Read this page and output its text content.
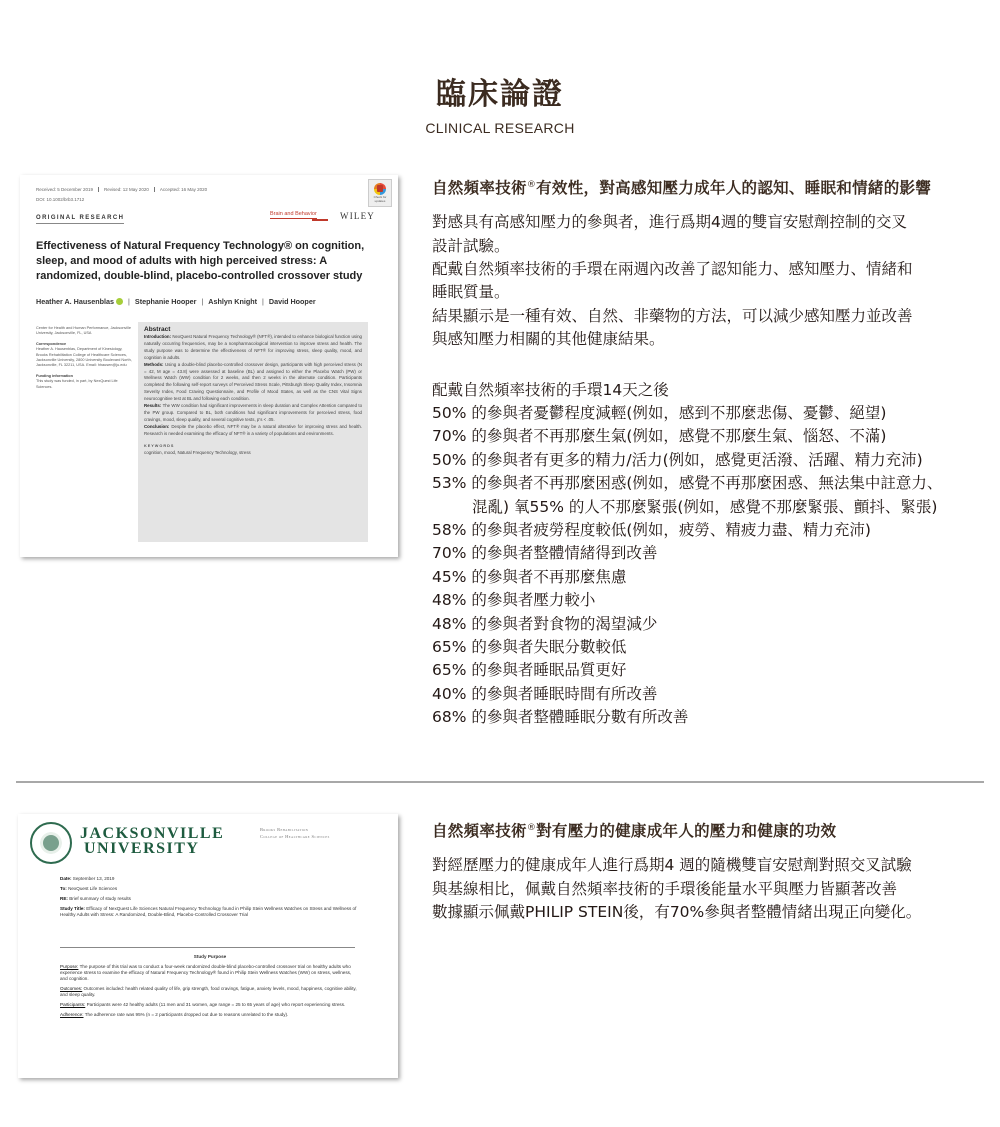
臨床論證
CLINICAL RESEARCH
Received: 5 December 2019 Revised: 12 May 2020 Accepted: 16 May 2020
DOI: 10.1002/brb3.1712
ORIGINAL RESEARCH
Brain and Behavior	WILEY
Check for updates
Effectiveness of Natural Frequency Technology® on cognition, sleep, and mood of adults with high perceived stress: A randomized, double-blind, placebo-controlled crossover study
Heather A. Hausenblas | Stephanie Hooper | Ashlyn Knight | David Hooper
Center for Health and Human Performance, Jacksonville University, Jacksonville, FL, USA
Correspondence
Heather A. Hausenblas, Department of Kinesiology, Brooks Rehabilitation College of Healthcare Sciences, Jacksonville University, 2800 University Boulevard North, Jacksonville, FL 32211, USA. Email: hhausen@ju.edu
Funding information
This study was funded, in part, by NexQuest Life Sciences.
Abstract
Introduction: NexQuest Natural Frequency Technology® (NFT®), intended to enhance biological function using naturally occurring frequencies, may be a nonpharmacological intervention to improve stress and health. The study purpose was to determine the effectiveness of NFT® for improving stress, sleep quality, mood, and cognition in adults.
Methods: Using a double-blind placebo-controlled crossover design, participants with high perceived stress (N = 42, M age = 43.8) were assessed at baseline (BL) and assigned to either the Placebo Watch (PW) or Wellness Watch (WW) condition for 2 weeks, and then 2 weeks in the alternate condition. Participants completed the following self-report surveys of Perceived Stress Scale, Pittsburgh Sleep Quality Index, Insomnia Severity Index, Food Craving Questionnaire, and Profile of Mood States, as well as the CNS Vital Signs neurocognitive test at BL and following each condition.
Results: The WW condition had significant improvements in sleep duration and Complex Attention compared to the PW group. Compared to BL, both conditions had significant improvements for perceived stress, food cravings, mood, sleep quality, and several cognitive tests, p's < .05.
Conclusion: Despite the placebo effect, NFT® may be a natural alterative for improving stress and health. Research is needed examining the efficacy of NFT® in a variety of populations and environments.
KEYWORDS
cognition, mood, Natural Frequency Technology, stress
自然頻率技術®有效性，對高感知壓力成年人的認知、睡眠和情緒的影響
對感具有高感知壓力的參與者，進行爲期4週的雙盲安慰劑控制的交叉
設計試驗。
配戴自然頻率技術的手環在兩週內改善了認知能力、感知壓力、情緒和
睡眠質量。
結果顯示是一種有效、自然、非藥物的方法，可以減少感知壓力並改善
與感知壓力相關的其他健康結果。
配戴自然頻率技術的手環14天之後
50% 的參與者憂鬱程度減輕(例如，感到不那麼悲傷、憂鬱、絕望)
70% 的參與者不再那麼生氣(例如，感覺不那麼生氣、惱怒、不滿)
50% 的參與者有更多的精力/活力(例如，感覺更活潑、活躍、精力充沛)
53% 的參與者不再那麼困惑(例如，感覺不再那麼困惑、無法集中註意力、
混亂) 氧55% 的人不那麼緊張(例如，感覺不那麼緊張、顫抖、緊張)
58% 的參與者疲勞程度較低(例如，疲勞、精疲力盡、精力充沛)
70% 的參與者整體情緒得到改善
45% 的參與者不再那麼焦慮
48% 的參與者壓力較小
48% 的參與者對食物的渴望減少
65% 的參與者失眠分數較低
65% 的參與者睡眠品質更好
40% 的參與者睡眠時間有所改善
68% 的參與者整體睡眠分數有所改善
JACKSONVILLE
UNIVERSITY
Brooks Rehabilitation
College of Healthcare Sciences

Date: September 13, 2019

To: NexQuest Life Sciences

RE: Brief summary of study results

Study Title: Efficacy of NexQuest Life Sciences Natural Frequency Technology found in Philip Stein Wellness Watches on Stress and Wellness of Healthy Adults with Stress: A Randomized, Double-Blind, Placebo-Controlled Crossover Trial

Study Purpose

Purpose: The purpose of this trial was to conduct a four-week randomized double-blind placebo-controlled crossover trial on healthy adults who experience stress to examine the efficacy of Natural Frequency Technology® found in Philip Stein Wellness Watches (WW) on stress, wellness, and cognition.

Outcomes: Outcomes included: health related quality of life, grip strength, food cravings, fatigue, anxiety levels, mood, happiness, cognitive ability, and sleep quality.

Participants: Participants were 42 healthy adults (11 men and 31 women, age range = 25 to 65 years of age) who report experiencing stress.

Adherence: The adherence rate was 95% (n = 2 participants dropped out due to reasons unrelated to the study).

自然頻率技術®對有壓力的健康成年人的壓力和健康的功效
對經歷壓力的健康成年人進行爲期4 週的隨機雙盲安慰劑對照交叉試驗
與基線相比，佩戴自然頻率技術的手環後能量水平與壓力皆顯著改善
數據顯示佩戴PHILIP STEIN後，有70%參與者整體情緒出現正向變化。
